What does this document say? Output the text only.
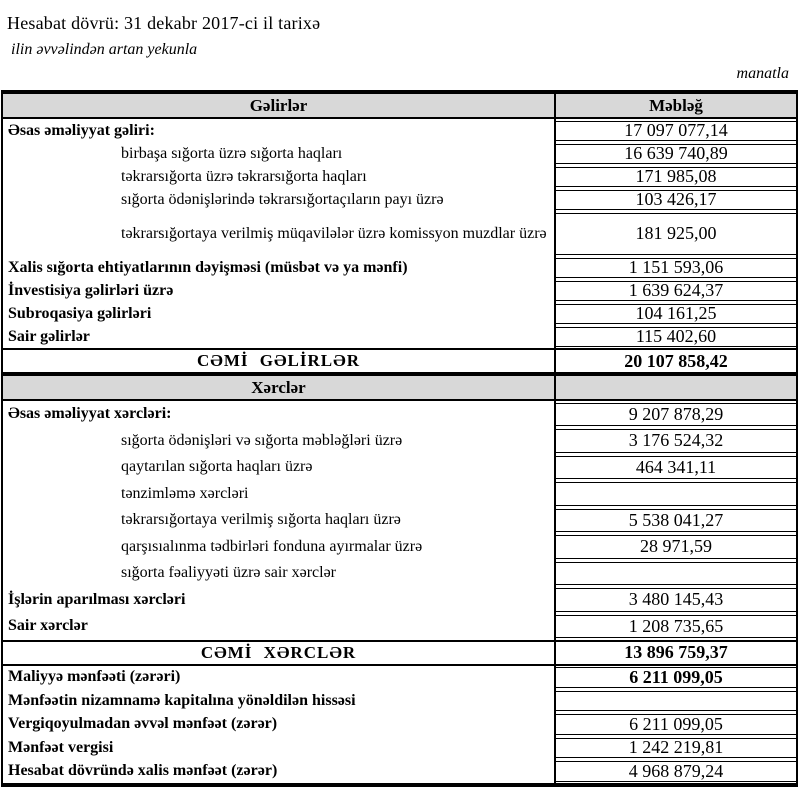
Hesabat dövrü: 31 dekabr 2017-ci il tarixə
ilin əvvəlindən artan yekunla
manatla
Gəlirlər	Məbləğ
Əsas əməliyyat gəliri:	17 097 077,14
birbaşa sığorta üzrə sığorta haqları	16 639 740,89
təkrarsığorta üzrə təkrarsığorta haqları	171 985,08
sığorta ödənişlərində təkrarsığortaçıların payı üzrə	103 426,17
təkrarsığortaya verilmiş müqavilələr üzrə komissyon muzdlar üzrə	181 925,00
Xalis sığorta ehtiyatlarının dəyişməsi (müsbət və ya mənfi)	1 151 593,06
İnvestisiya gəlirləri üzrə	1 639 624,37
Subroqasiya gəlirləri	104 161,25
Sair gəlirlər	115 402,60
CƏMİ GƏLİRLƏR	20 107 858,42
Xərclər
Əsas əməliyyat xərcləri:	9 207 878,29
sığorta ödənişləri və sığorta məbləğləri üzrə	3 176 524,32
qaytarılan sığorta haqları üzrə	464 341,11
tənzimləmə xərcləri
təkrarsığortaya verilmiş sığorta haqları üzrə	5 538 041,27
qarşısıalınma tədbirləri fonduna ayırmalar üzrə	28 971,59
sığorta fəaliyyəti üzrə sair xərclər
İşlərin aparılması xərcləri	3 480 145,43
Sair xərclər	1 208 735,65
CƏMİ XƏRCLƏR	13 896 759,37
Maliyyə mənfəəti (zərəri)	6 211 099,05
Mənfəətin nizamnamə kapitalına yönəldilən hissəsi
Vergiqoyulmadan əvvəl mənfəət (zərər)	6 211 099,05
Mənfəət vergisi	1 242 219,81
Hesabat dövründə xalis mənfəət (zərər)	4 968 879,24
